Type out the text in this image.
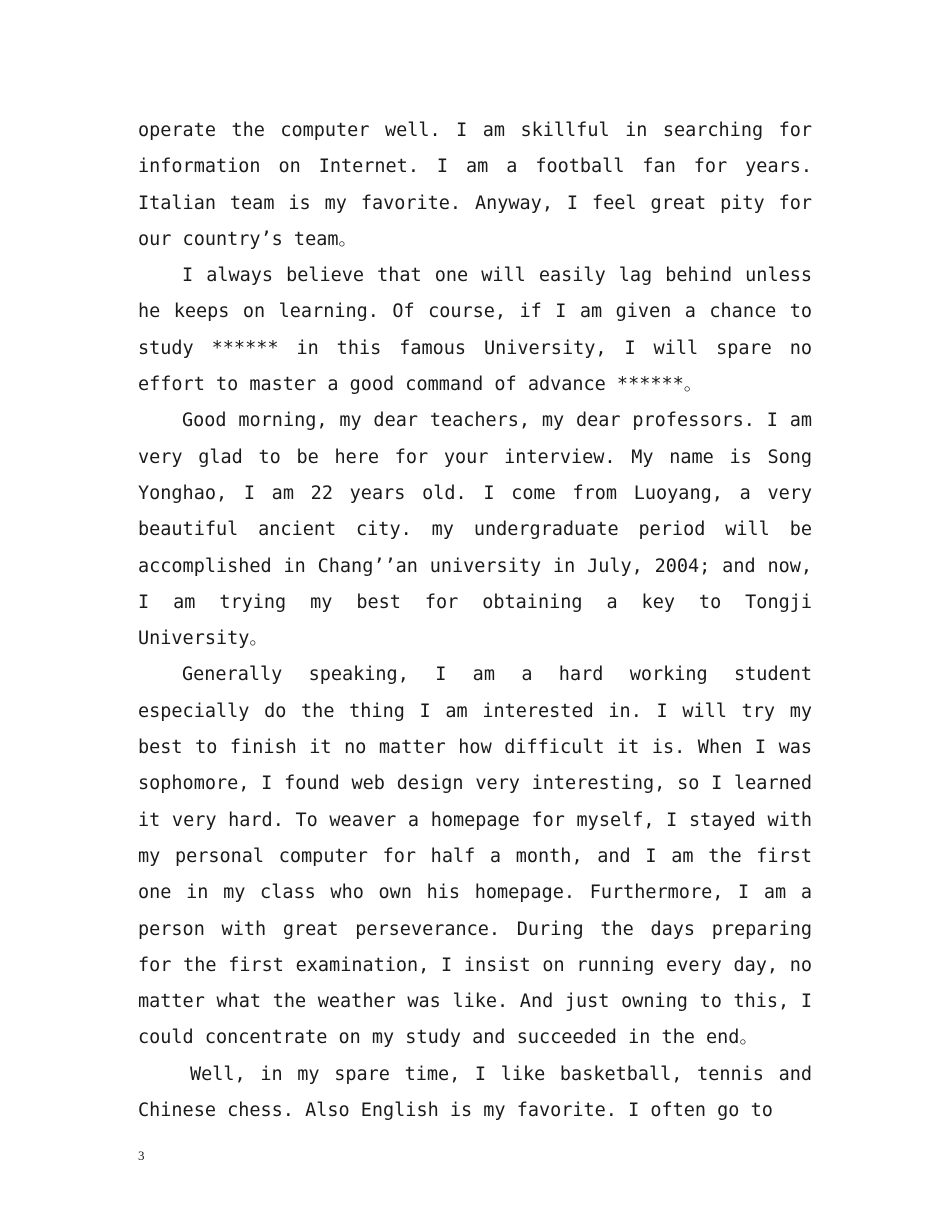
operate the computer well. I am skillful in searching for information on Internet. I am a football fan for years. Italian team is my favorite. Anyway, I feel great pity for our country’s team。

I always believe that one will easily lag behind unless he keeps on learning. Of course, if I am given a chance to study ****** in this famous University, I will spare no effort to master a good command of advance ******。

Good morning, my dear teachers, my dear professors. I am very glad to be here for your interview. My name is Song Yonghao, I am 22 years old. I come from Luoyang, a very beautiful ancient city. my undergraduate period will be accomplished in Chang’’an university in July, 2004; and now, I am trying my best for obtaining a key to Tongji University。

Generally speaking, I am a hard working student especially do the thing I am interested in. I will try my best to finish it no matter how difficult it is. When I was sophomore, I found web design very interesting, so I learned it very hard. To weaver a homepage for myself, I stayed with my personal computer for half a month, and I am the first one in my class who own his homepage. Furthermore, I am a person with great perseverance. During the days preparing for the first examination, I insist on running every day, no matter what the weather was like. And just owning to this, I could concentrate on my study and succeeded in the end。

Well, in my spare time, I like basketball, tennis and Chinese chess. Also English is my favorite. I often go to

3
